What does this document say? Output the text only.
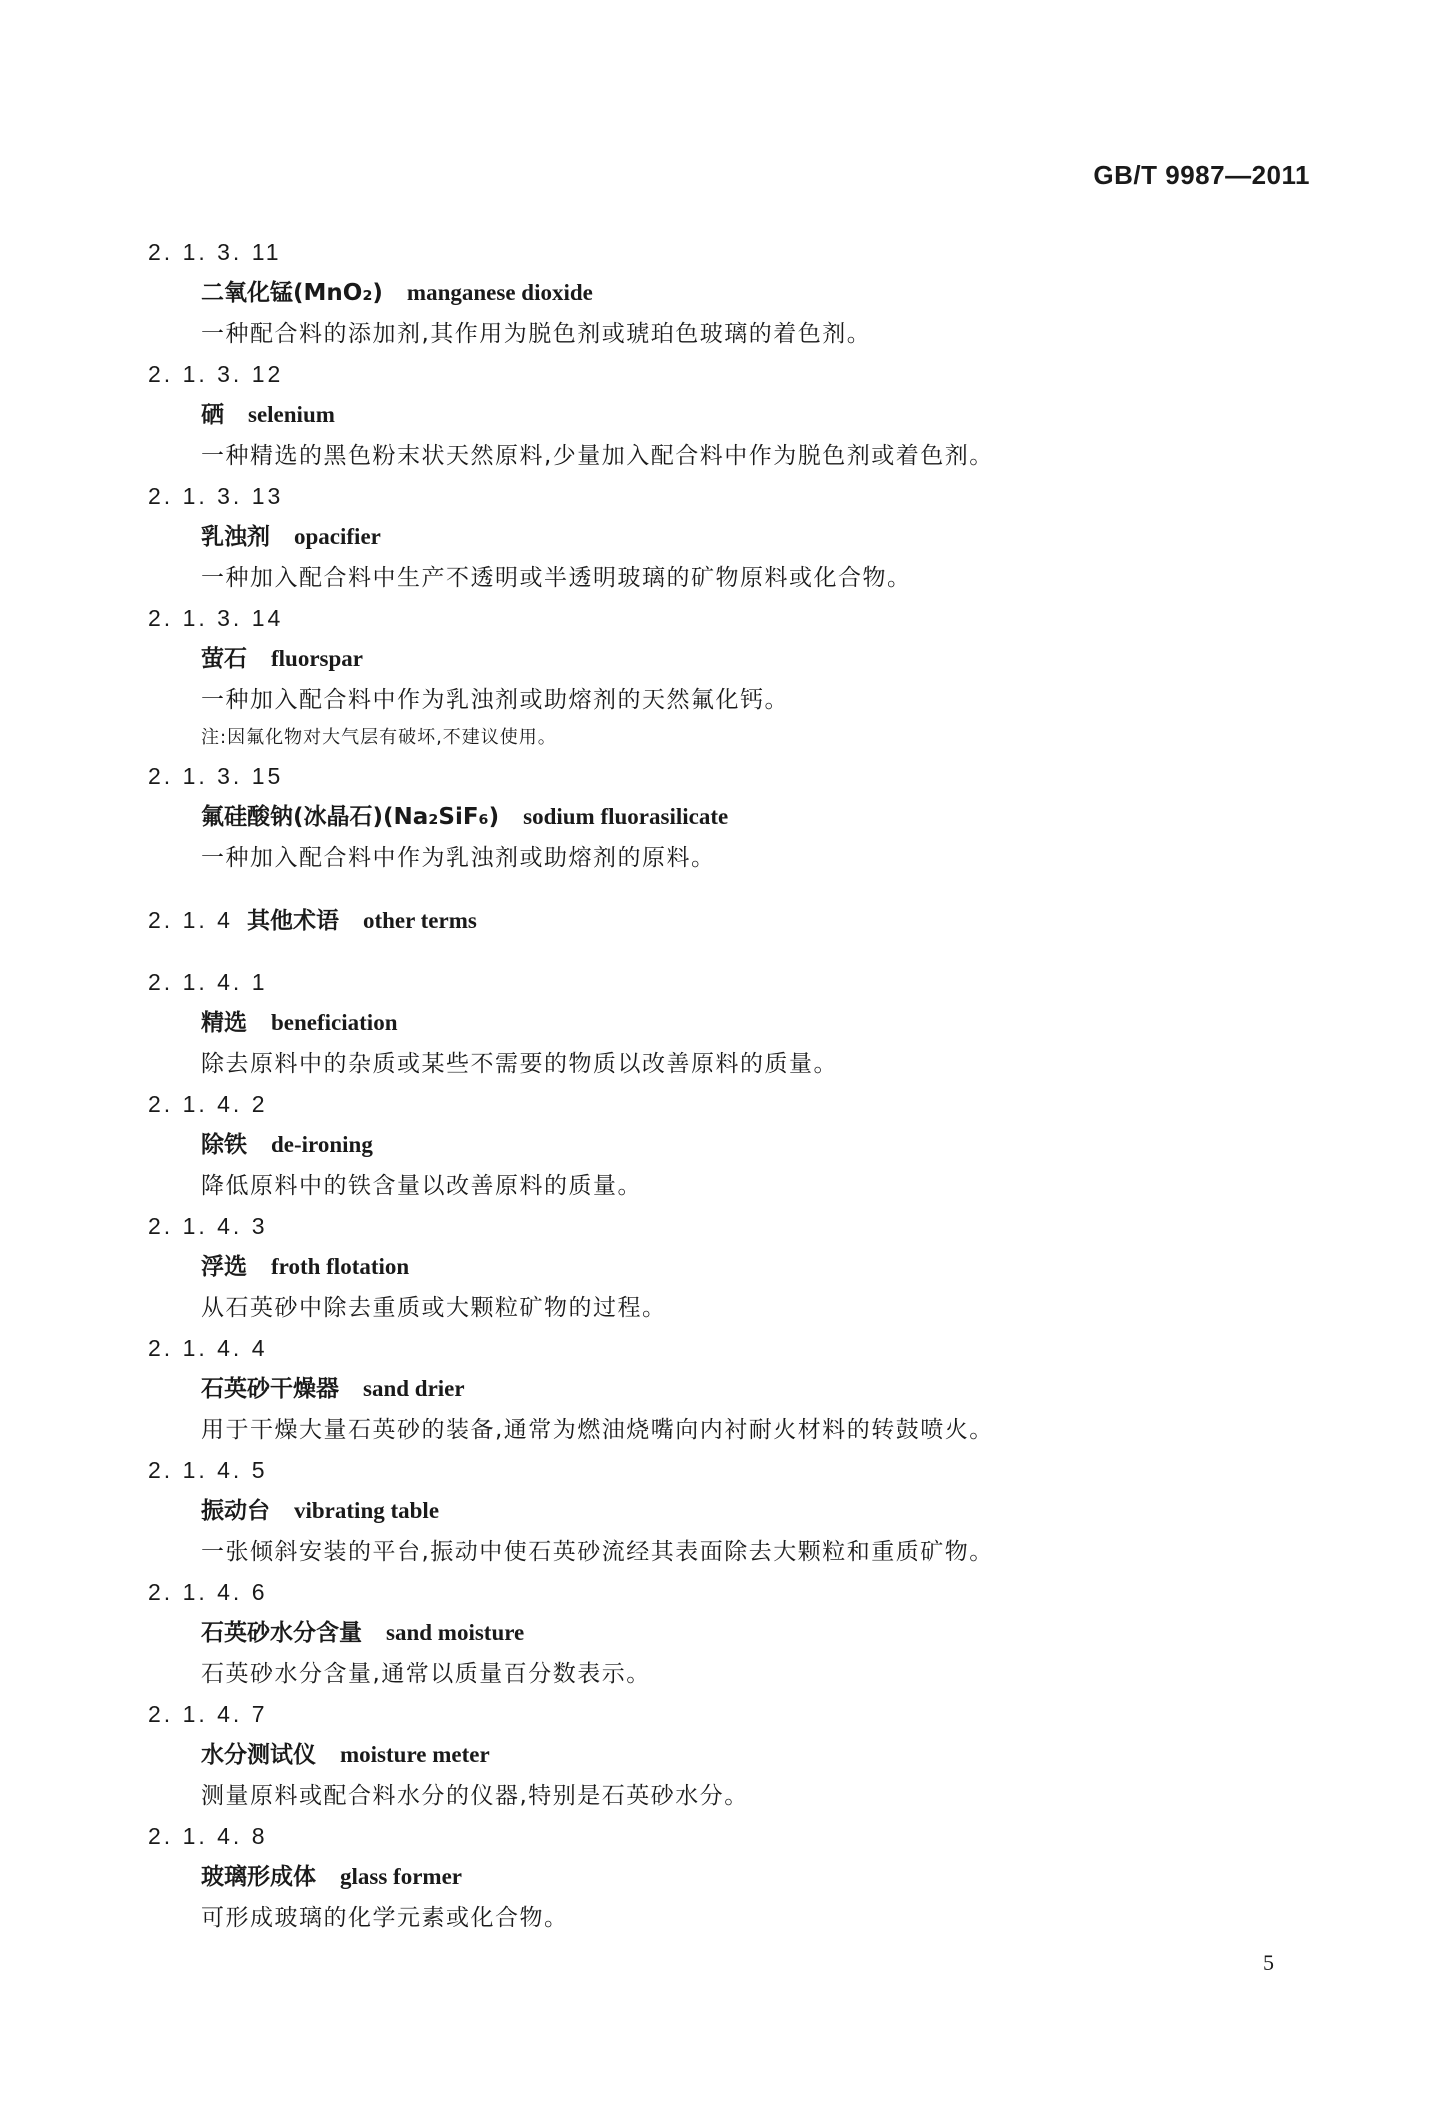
GB/T 9987—2011
2. 1. 3. 11
二氧化锰(MnO₂) manganese dioxide
一种配合料的添加剂,其作用为脱色剂或琥珀色玻璃的着色剂。
2. 1. 3. 12
硒 selenium
一种精选的黑色粉末状天然原料,少量加入配合料中作为脱色剂或着色剂。
2. 1. 3. 13
乳浊剂 opacifier
一种加入配合料中生产不透明或半透明玻璃的矿物原料或化合物。
2. 1. 3. 14
萤石 fluorspar
一种加入配合料中作为乳浊剂或助熔剂的天然氟化钙。
注:因氟化物对大气层有破坏,不建议使用。
2. 1. 3. 15
氟硅酸钠(冰晶石)(Na₂SiF₆) sodium fluorasilicate
一种加入配合料中作为乳浊剂或助熔剂的原料。
2. 1. 4 其他术语 other terms
2. 1. 4. 1
精选 beneficiation
除去原料中的杂质或某些不需要的物质以改善原料的质量。
2. 1. 4. 2
除铁 de-ironing
降低原料中的铁含量以改善原料的质量。
2. 1. 4. 3
浮选 froth flotation
从石英砂中除去重质或大颗粒矿物的过程。
2. 1. 4. 4
石英砂干燥器 sand drier
用于干燥大量石英砂的装备,通常为燃油烧嘴向内衬耐火材料的转鼓喷火。
2. 1. 4. 5
振动台 vibrating table
一张倾斜安装的平台,振动中使石英砂流经其表面除去大颗粒和重质矿物。
2. 1. 4. 6
石英砂水分含量 sand moisture
石英砂水分含量,通常以质量百分数表示。
2. 1. 4. 7
水分测试仪 moisture meter
测量原料或配合料水分的仪器,特别是石英砂水分。
2. 1. 4. 8
玻璃形成体 glass former
可形成玻璃的化学元素或化合物。
5
